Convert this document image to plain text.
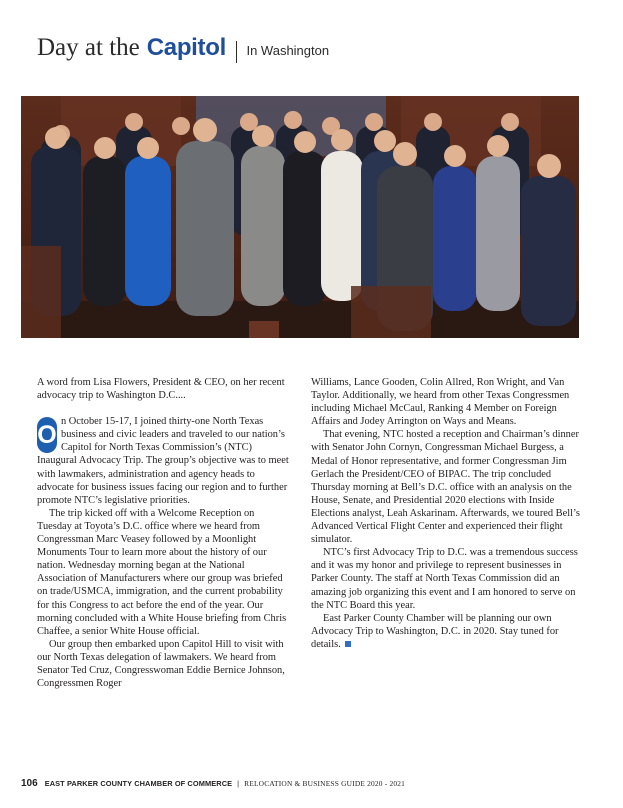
Day at the Capitol In Washington

A word from Lisa Flowers, President & CEO, on her recent advocacy trip to Washington D.C....

O n October 15-17, I joined thirty-one North Texas business and civic leaders and traveled to our nation’s Capitol for North Texas Commission’s (NTC) Inaugural Advocacy Trip. The group’s objective was to meet with lawmakers, administration and agency heads to advocate for business issues facing our region and to further promote NTC’s legislative priorities.

The trip kicked off with a Welcome Reception on Tuesday at Toyota’s D.C. office where we heard from Congressman Marc Veasey followed by a Moonlight Monuments Tour to learn more about the history of our nation. Wednesday morning began at the National Association of Manufacturers where our group was briefed on trade/USMCA, immigration, and the current probability for this Congress to act before the end of the year. Our morning concluded with a White House briefing from Chris Chaffee, a senior White House official.

Our group then embarked upon Capitol Hill to visit with our North Texas delegation of lawmakers. We heard from Senator Ted Cruz, Congresswoman Eddie Bernice Johnson, Congressmen Roger

Williams, Lance Gooden, Colin Allred, Ron Wright, and Van Taylor. Additionally, we heard from other Texas Congressmen including Michael McCaul, Ranking 4 Member on Foreign Affairs and Jodey Arrington on Ways and Means.

That evening, NTC hosted a reception and Chairman’s dinner with Senator John Cornyn, Congressman Michael Burgess, a Medal of Honor representative, and former Congressman Jim Gerlach the President/CEO of BIPAC. The trip concluded Thursday morning at Bell’s D.C. office with an analysis on the House, Senate, and Presidential 2020 elections with Inside Elections analyst, Leah Askarinam. Afterwards, we toured Bell’s Advanced Vertical Flight Center and experienced their flight simulator.

NTC’s first Advocacy Trip to D.C. was a tremendous success and it was my honor and privilege to represent businesses in Parker County. The staff at North Texas Commission did an amazing job organizing this event and I am honored to serve on the NTC Board this year.

East Parker County Chamber will be planning our own Advocacy Trip to Washington, D.C. in 2020. Stay tuned for details.

106 EAST PARKER COUNTY CHAMBER OF COMMERCE | RELOCATION & BUSINESS GUIDE 2020 - 2021
